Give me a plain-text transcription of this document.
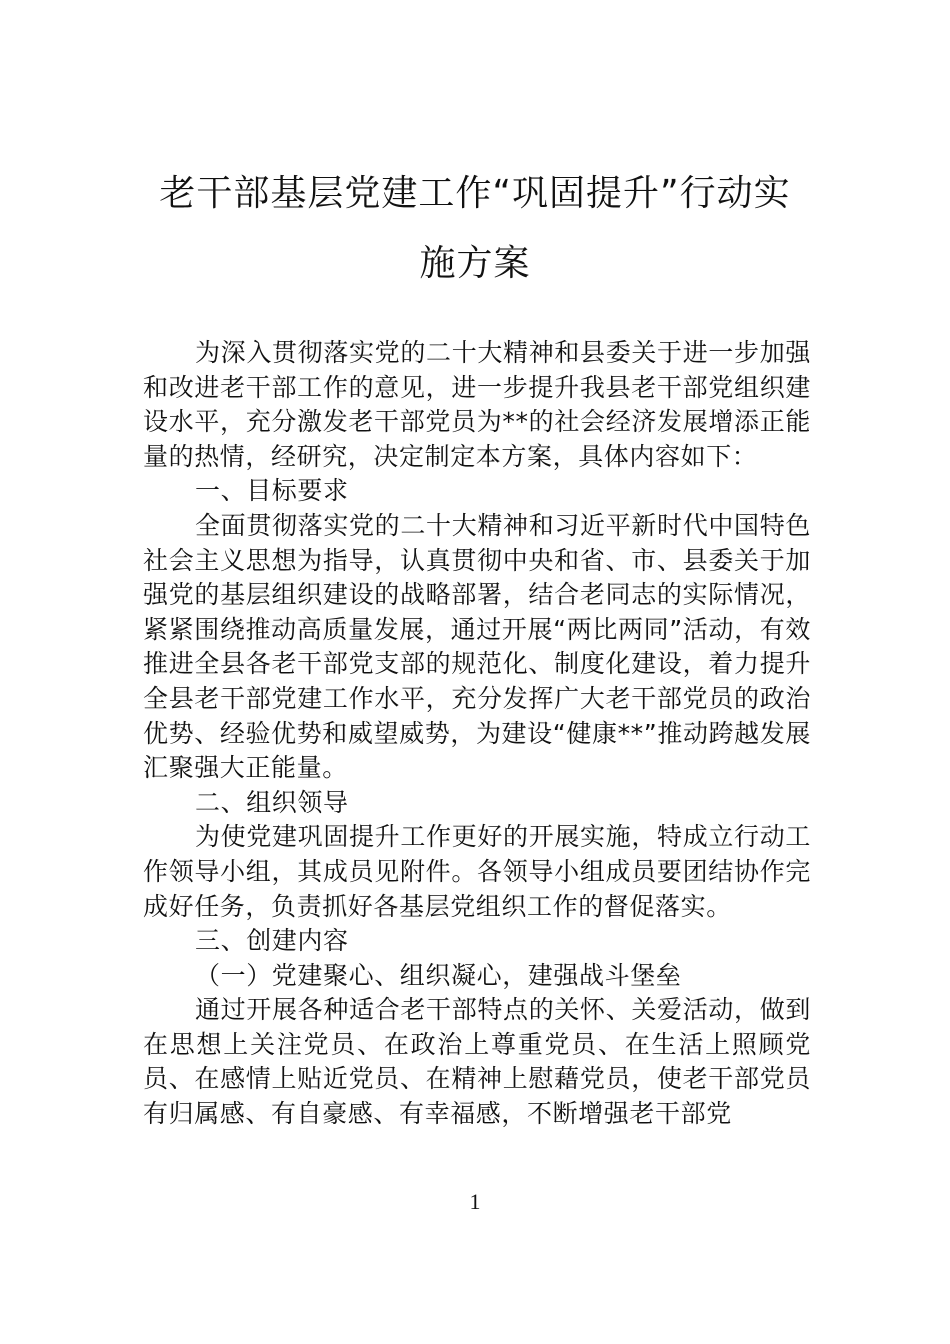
老干部基层党建工作“巩固提升”行动实
施方案

为深入贯彻落实党的二十大精神和县委关于进一步加强和改进老干部工作的意见，进一步提升我县老干部党组织建设水平，充分激发老干部党员为**的社会经济发展增添正能量的热情，经研究，决定制定本方案，具体内容如下：

一、目标要求

全面贯彻落实党的二十大精神和习近平新时代中国特色社会主义思想为指导，认真贯彻中央和省、市、县委关于加强党的基层组织建设的战略部署，结合老同志的实际情况，紧紧围绕推动高质量发展，通过开展“两比两同”活动，有效推进全县各老干部党支部的规范化、制度化建设，着力提升全县老干部党建工作水平，充分发挥广大老干部党员的政治优势、经验优势和威望威势，为建设“健康**”推动跨越发展汇聚强大正能量。

二、组织领导

为使党建巩固提升工作更好的开展实施，特成立行动工作领导小组，其成员见附件。各领导小组成员要团结协作完成好任务，负责抓好各基层党组织工作的督促落实。

三、创建内容

（一）党建聚心、组织凝心，建强战斗堡垒

通过开展各种适合老干部特点的关怀、关爱活动，做到在思想上关注党员、在政治上尊重党员、在生活上照顾党员、在感情上贴近党员、在精神上慰藉党员，使老干部党员有归属感、有自豪感、有幸福感，不断增强老干部党

1
